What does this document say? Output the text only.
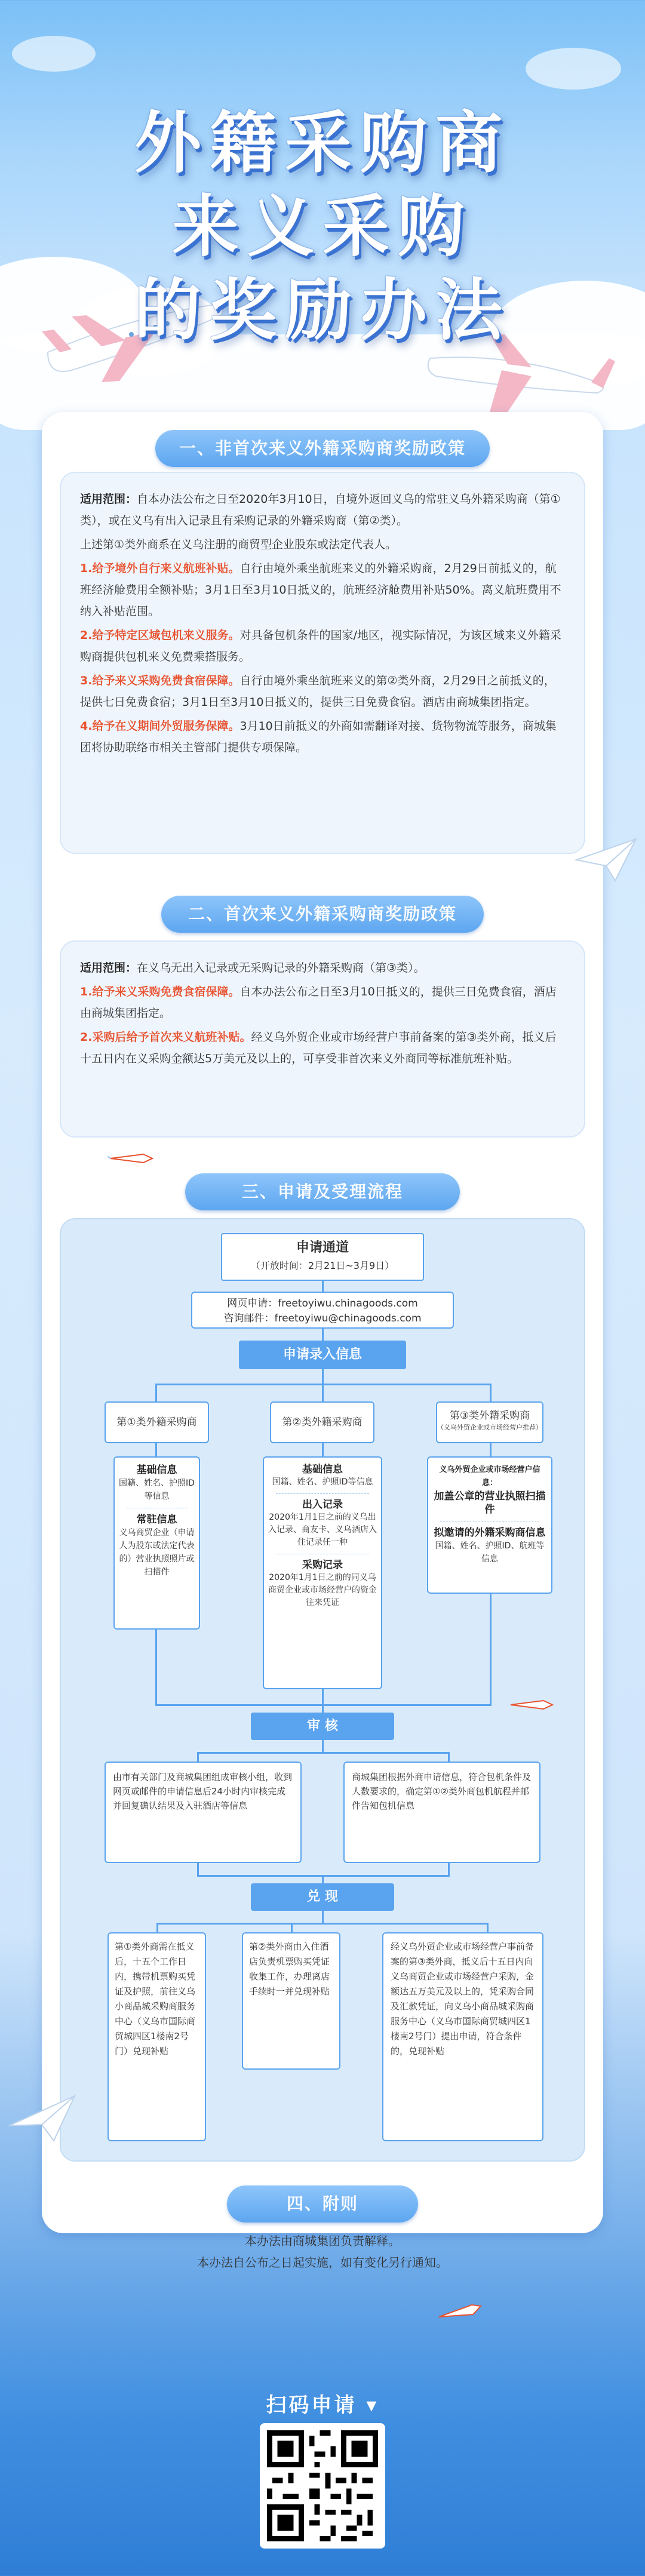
外籍采购商
来义采购
的奖励办法
一、非首次来义外籍采购商奖励政策

适用范围：自本办法公布之日至2020年3月10日，自境外返回义乌的常驻义乌外籍采购商（第①类），或在义乌有出入记录且有采购记录的外籍采购商（第②类）。

上述第①类外商系在义乌注册的商贸型企业股东或法定代表人。

1.给予境外自行来义航班补贴。自行由境外乘坐航班来义的外籍采购商，2月29日前抵义的，航班经济舱费用全额补贴；3月1日至3月10日抵义的，航班经济舱费用补贴50%。离义航班费用不纳入补贴范围。

2.给予特定区域包机来义服务。对具备包机条件的国家/地区，视实际情况，为该区域来义外籍采购商提供包机来义免费乘搭服务。

3.给予来义采购免费食宿保障。自行由境外乘坐航班来义的第②类外商，2月29日之前抵义的，提供七日免费食宿；3月1日至3月10日抵义的，提供三日免费食宿。酒店由商城集团指定。

4.给予在义期间外贸服务保障。3月10日前抵义的外商如需翻译对接、货物物流等服务，商城集团将协助联络市相关主管部门提供专项保障。

二、首次来义外籍采购商奖励政策

适用范围：在义乌无出入记录或无采购记录的外籍采购商（第③类）。

1.给予来义采购免费食宿保障。自本办法公布之日至3月10日抵义的，提供三日免费食宿，酒店由商城集团指定。

2.采购后给予首次来义航班补贴。经义乌外贸企业或市场经营户事前备案的第③类外商，抵义后十五日内在义采购金额达5万美元及以上的，可享受非首次来义外商同等标准航班补贴。

三、申请及受理流程
申请通道
（开放时间：2月21日~3月9日）
网页申请：freetoyiwu.chinagoods.com
咨询邮件：freetoyiwu@chinagoods.com
申请录入信息
第①类外籍采购商	第②类外籍采购商
第③类外籍采购商
（义乌外贸企业或市场经营户推荐）
基础信息
国籍、姓名、护照ID等信息
常驻信息
义乌商贸企业（申请人为股东或法定代表的）营业执照照片或扫描件
基础信息
国籍、姓名、护照ID等信息
出入记录
2020年1月1日之前的义乌出入记录、商友卡、义乌酒店入住记录任一种
采购记录
2020年1月1日之前的同义乌商贸企业或市场经营户的资金往来凭证
义乌外贸企业或市场经营户信息：
加盖公章的营业执照扫描件
拟邀请的外籍采购商信息
国籍、姓名、护照ID、航班等信息
审 核
由市有关部门及商城集团组成审核小组，收到网页或邮件的申请信息后24小时内审核完成并回复确认结果及入驻酒店等信息
商城集团根据外商申请信息，符合包机条件及人数要求的，确定第①②类外商包机航程并邮件告知包机信息
兑 现
第①类外商需在抵义后，十五个工作日内，携带机票购买凭证及护照，前往义乌小商品城采购商服务中心（义乌市国际商贸城四区1楼南2号门）兑现补贴
第②类外商由入住酒店负责机票购买凭证收集工作，办理离店手续时一并兑现补贴
经义乌外贸企业或市场经营户事前备案的第③类外商，抵义后十五日内向义乌商贸企业或市场经营户采购，金额达五万美元及以上的，凭采购合同及汇款凭证，向义乌小商品城采购商服务中心（义乌市国际商贸城四区1楼南2号门）提出申请，符合条件的，兑现补贴
四、附则
本办法由商城集团负责解释。
本办法自公布之日起实施，如有变化另行通知。
扫码申请 ▾
